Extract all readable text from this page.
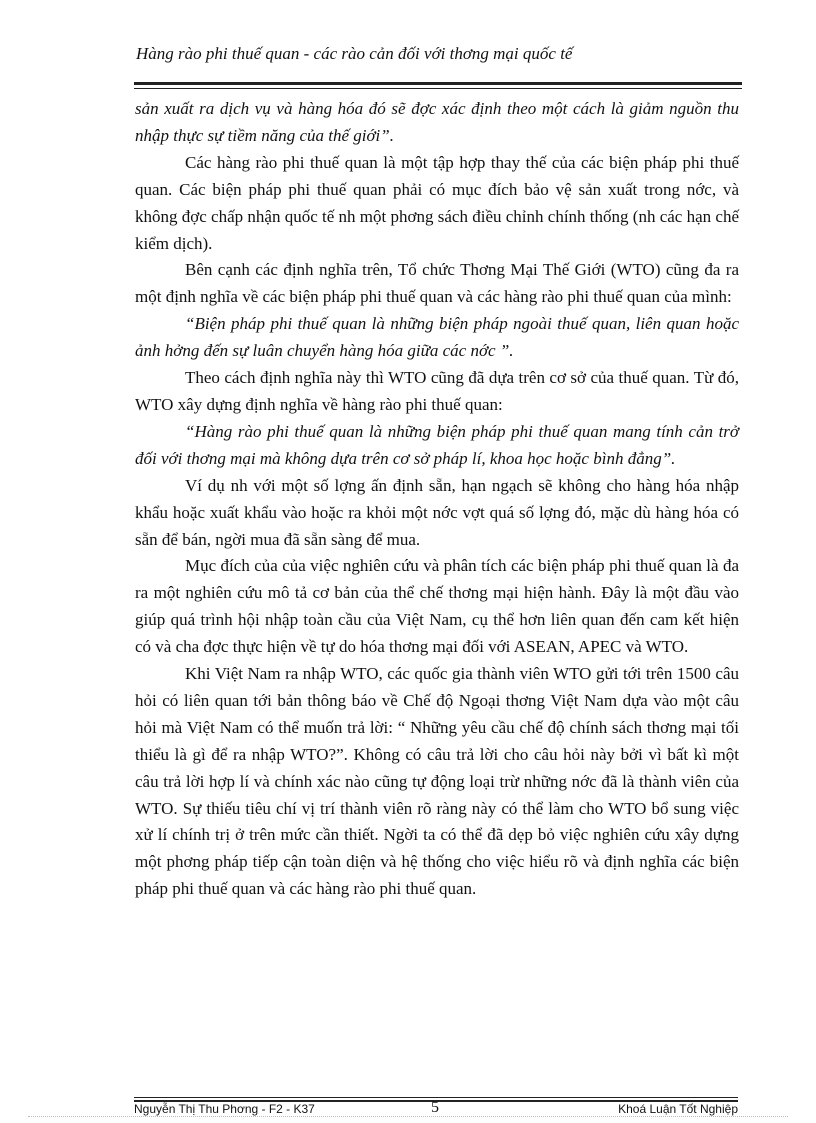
Hàng rào phi thuế quan - các rào cản đối với thơng mại quốc tế

sản xuất ra dịch vụ và hàng hóa đó sẽ đợc xác định theo một cách là giảm nguồn thu nhập thực sự tiềm năng của thế giới”.

Các hàng rào phi thuế quan là một tập hợp thay thế của các biện pháp phi thuế quan. Các biện pháp phi thuế quan phải có mục đích bảo vệ sản xuất trong nớc, và không đợc chấp nhận quốc tế nh một phơng sách điều chỉnh chính thống (nh các hạn chế kiểm dịch).

Bên cạnh các định nghĩa trên, Tổ chức Thơng Mại Thế Giới (WTO) cũng đa ra một định nghĩa về các biện pháp phi thuế quan và các hàng rào phi thuế quan của mình:

“Biện pháp phi thuế quan là những biện pháp ngoài thuế quan, liên quan hoặc ảnh hởng đến sự luân chuyển hàng hóa giữa các nớc ”.

Theo cách định nghĩa này thì WTO cũng đã dựa trên cơ sở của thuế quan. Từ đó, WTO xây dựng định nghĩa về hàng rào phi thuế quan:

“Hàng rào phi thuế quan là những biện pháp phi thuế quan mang tính cản trở đối với thơng mại mà không dựa trên cơ sở pháp lí, khoa học hoặc bình đẳng”.

Ví dụ nh với một số lợng ấn định sẵn, hạn ngạch sẽ không cho hàng hóa nhập khẩu hoặc xuất khẩu vào hoặc ra khỏi một nớc vợt quá số lợng đó, mặc dù hàng hóa có sẵn để bán, ngời mua đã sẵn sàng để mua.

Mục đích của của việc nghiên cứu và phân tích các biện pháp phi thuế quan là đa ra một nghiên cứu mô tả cơ bản của thể chế thơng mại hiện hành. Đây là một đầu vào giúp quá trình hội nhập toàn cầu của Việt Nam, cụ thể hơn liên quan đến cam kết hiện có và cha đợc thực hiện về tự do hóa thơng mại đối với ASEAN, APEC và WTO.

Khi Việt Nam ra nhập WTO, các quốc gia thành viên WTO gửi tới trên 1500 câu hỏi có liên quan tới bản thông báo về Chế độ Ngoại thơng Việt Nam dựa vào một câu hỏi mà Việt Nam có thể muốn trả lời: “ Những yêu cầu chế độ chính sách thơng mại tối thiểu là gì để ra nhập WTO?”. Không có câu trả lời cho câu hỏi này bởi vì bất kì một câu trả lời hợp lí và chính xác nào cũng tự động loại trừ những nớc đã là thành viên của WTO. Sự thiếu tiêu chí vị trí thành viên rõ ràng này có thể làm cho WTO bổ sung việc xử lí chính trị ở trên mức cần thiết. Ngời ta có thể đã dẹp bỏ việc nghiên cứu xây dựng một phơng pháp tiếp cận toàn diện và hệ thống cho việc hiểu rõ và định nghĩa các biện pháp phi thuế quan và các hàng rào phi thuế quan.

Nguyễn Thị Thu Phơng - F2 - K37	5	Khoá Luận Tốt Nghiệp
